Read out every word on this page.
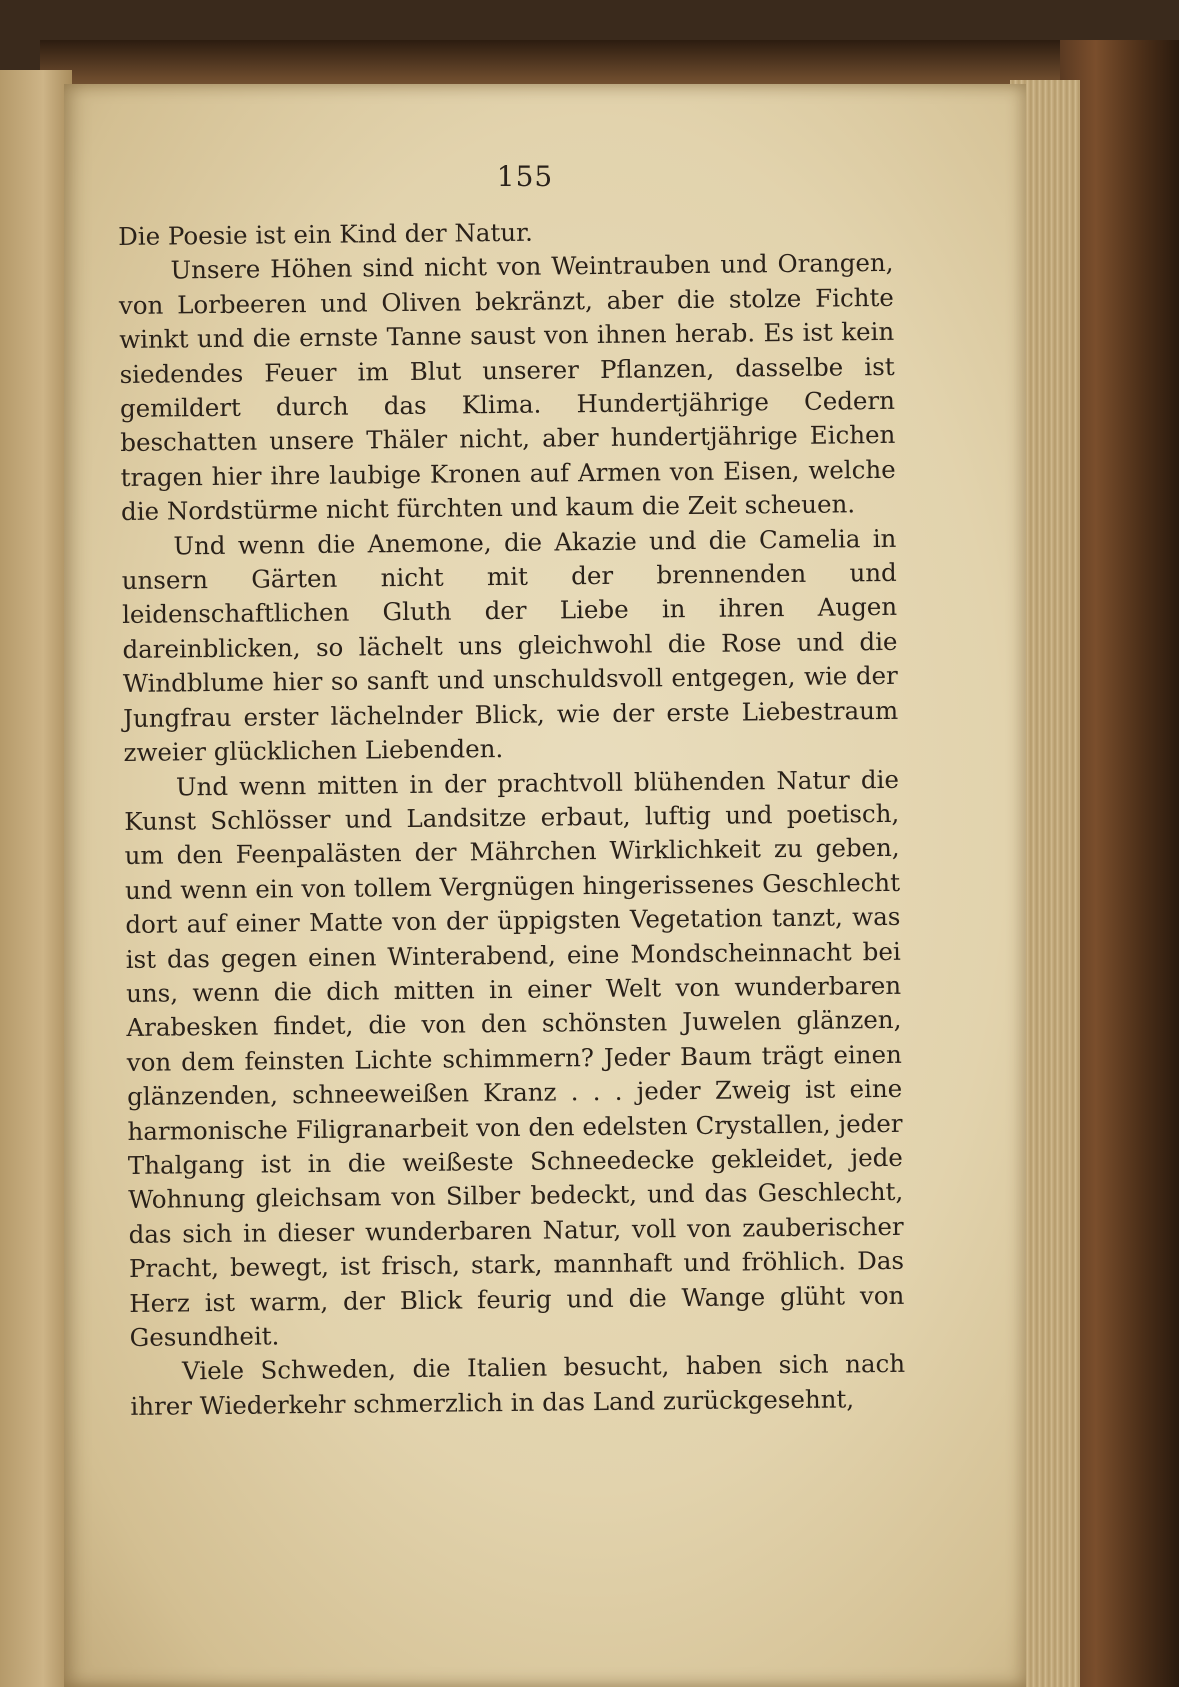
155

Die Poesie ist ein Kind der Natur.

Unsere Höhen sind nicht von Weintrauben und Orangen, von Lorbeeren und Oliven bekränzt, aber die stolze Fichte winkt und die ernste Tanne saust von ihnen herab. Es ist kein siedendes Feuer im Blut unserer Pflanzen, dasselbe ist gemildert durch das Klima. Hundertjährige Cedern beschatten unsere Thäler nicht, aber hundertjährige Eichen tragen hier ihre laubige Kronen auf Armen von Eisen, welche die Nordstürme nicht fürchten und kaum die Zeit scheuen.

Und wenn die Anemone, die Akazie und die Camelia in unsern Gärten nicht mit der brennenden und leidenschaftlichen Gluth der Liebe in ihren Augen dareinblicken, so lächelt uns gleichwohl die Rose und die Windblume hier so sanft und unschuldsvoll entgegen, wie der Jungfrau erster lächelnder Blick, wie der erste Liebestraum zweier glücklichen Liebenden.

Und wenn mitten in der prachtvoll blühenden Natur die Kunst Schlösser und Landsitze erbaut, luftig und poetisch, um den Feenpalästen der Mährchen Wirklichkeit zu geben, und wenn ein von tollem Vergnügen hingerissenes Geschlecht dort auf einer Matte von der üppigsten Vegetation tanzt, was ist das gegen einen Winterabend, eine Mondscheinnacht bei uns, wenn die dich mitten in einer Welt von wunderbaren Arabesken findet, die von den schönsten Juwelen glänzen, von dem feinsten Lichte schimmern? Jeder Baum trägt einen glänzenden, schneeweißen Kranz . . . jeder Zweig ist eine harmonische Filigranarbeit von den edelsten Crystallen, jeder Thalgang ist in die weißeste Schneedecke gekleidet, jede Wohnung gleichsam von Silber bedeckt, und das Geschlecht, das sich in dieser wunderbaren Natur, voll von zauberischer Pracht, bewegt, ist frisch, stark, mannhaft und fröhlich. Das Herz ist warm, der Blick feurig und die Wange glüht von Gesundheit.

Viele Schweden, die Italien besucht, haben sich nach ihrer Wiederkehr schmerzlich in das Land zurückgesehnt,
